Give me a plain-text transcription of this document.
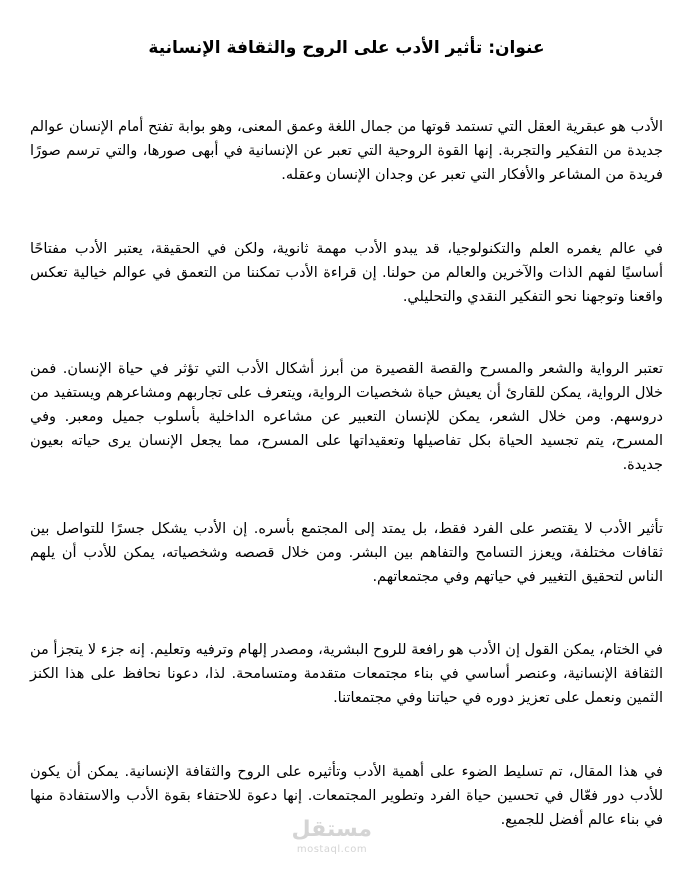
عنوان: تأثير الأدب على الروح والثقافة الإنسانية

الأدب هو عبقرية العقل التي تستمد قوتها من جمال اللغة وعمق المعنى، وهو بوابة تفتح أمام الإنسان عوالم جديدة من التفكير والتجربة. إنها القوة الروحية التي تعبر عن الإنسانية في أبهى صورها، والتي ترسم صورًا فريدة من المشاعر والأفكار التي تعبر عن وجدان الإنسان وعقله.

في عالم يغمره العلم والتكنولوجيا، قد يبدو الأدب مهمة ثانوية، ولكن في الحقيقة، يعتبر الأدب مفتاحًا أساسيًا لفهم الذات والآخرين والعالم من حولنا. إن قراءة الأدب تمكننا من التعمق في عوالم خيالية تعكس واقعنا وتوجهنا نحو التفكير النقدي والتحليلي.

تعتبر الرواية والشعر والمسرح والقصة القصيرة من أبرز أشكال الأدب التي تؤثر في حياة الإنسان. فمن خلال الرواية، يمكن للقارئ أن يعيش حياة شخصيات الرواية، ويتعرف على تجاربهم ومشاعرهم ويستفيد من دروسهم. ومن خلال الشعر، يمكن للإنسان التعبير عن مشاعره الداخلية بأسلوب جميل ومعبر. وفي المسرح، يتم تجسيد الحياة بكل تفاصيلها وتعقيداتها على المسرح، مما يجعل الإنسان يرى حياته بعيون جديدة.

تأثير الأدب لا يقتصر على الفرد فقط، بل يمتد إلى المجتمع بأسره. إن الأدب يشكل جسرًا للتواصل بين ثقافات مختلفة، ويعزز التسامح والتفاهم بين البشر. ومن خلال قصصه وشخصياته، يمكن للأدب أن يلهم الناس لتحقيق التغيير في حياتهم وفي مجتمعاتهم.

في الختام، يمكن القول إن الأدب هو رافعة للروح البشرية، ومصدر إلهام وترفيه وتعليم. إنه جزء لا يتجزأ من الثقافة الإنسانية، وعنصر أساسي في بناء مجتمعات متقدمة ومتسامحة. لذا، دعونا نحافظ على هذا الكنز الثمين ونعمل على تعزيز دوره في حياتنا وفي مجتمعاتنا.

في هذا المقال، تم تسليط الضوء على أهمية الأدب وتأثيره على الروح والثقافة الإنسانية. يمكن أن يكون للأدب دور فعّال في تحسين حياة الفرد وتطوير المجتمعات. إنها دعوة للاحتفاء بقوة الأدب والاستفادة منها في بناء عالم أفضل للجميع.

مستقل
mostaql.com
